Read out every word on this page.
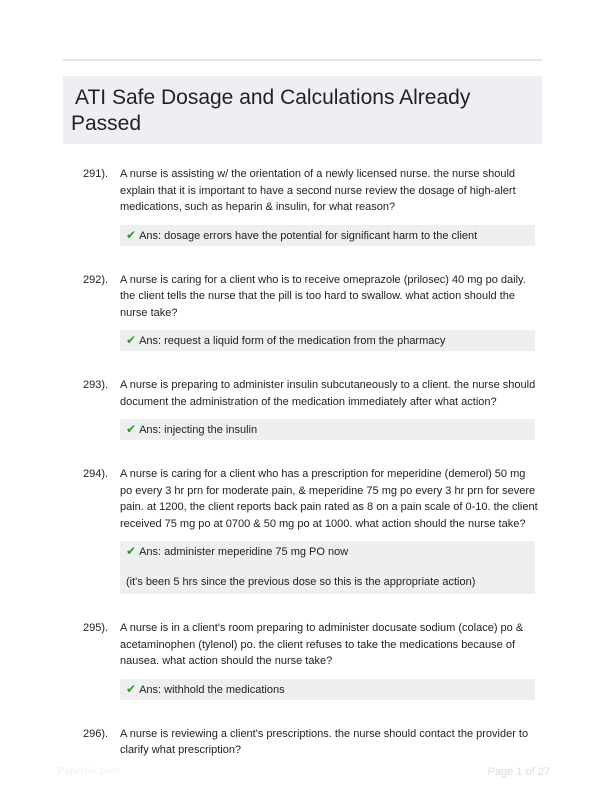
ATI Safe Dosage and Calculations Already Passed
291). A nurse is assisting w/ the orientation of a newly licensed nurse. the nurse should explain that it is important to have a second nurse review the dosage of high-alert medications, such as heparin & insulin, for what reason?
✔ Ans: dosage errors have the potential for significant harm to the client
292). A nurse is caring for a client who is to receive omeprazole (prilosec) 40 mg po daily. the client tells the nurse that the pill is too hard to swallow. what action should the nurse take?
✔ Ans: request a liquid form of the medication from the pharmacy
293). A nurse is preparing to administer insulin subcutaneously to a client. the nurse should document the administration of the medication immediately after what action?
✔ Ans: injecting the insulin
294). A nurse is caring for a client who has a prescription for meperidine (demerol) 50 mg po every 3 hr prn for moderate pain, & meperidine 75 mg po every 3 hr prn for severe pain. at 1200, the client reports back pain rated as 8 on a pain scale of 0-10. the client received 75 mg po at 0700 & 50 mg po at 1000. what action should the nurse take?
✔ Ans: administer meperidine 75 mg PO now
(it's been 5 hrs since the previous dose so this is the appropriate action)
295). A nurse is in a client's room preparing to administer docusate sodium (colace) po & acetaminophen (tylenol) po. the client refuses to take the medications because of nausea. what action should the nurse take?
✔ Ans: withhold the medications
296). A nurse is reviewing a client's prescriptions. the nurse should contact the provider to clarify what prescription?
Paperblc.com	Page 1 of 27
